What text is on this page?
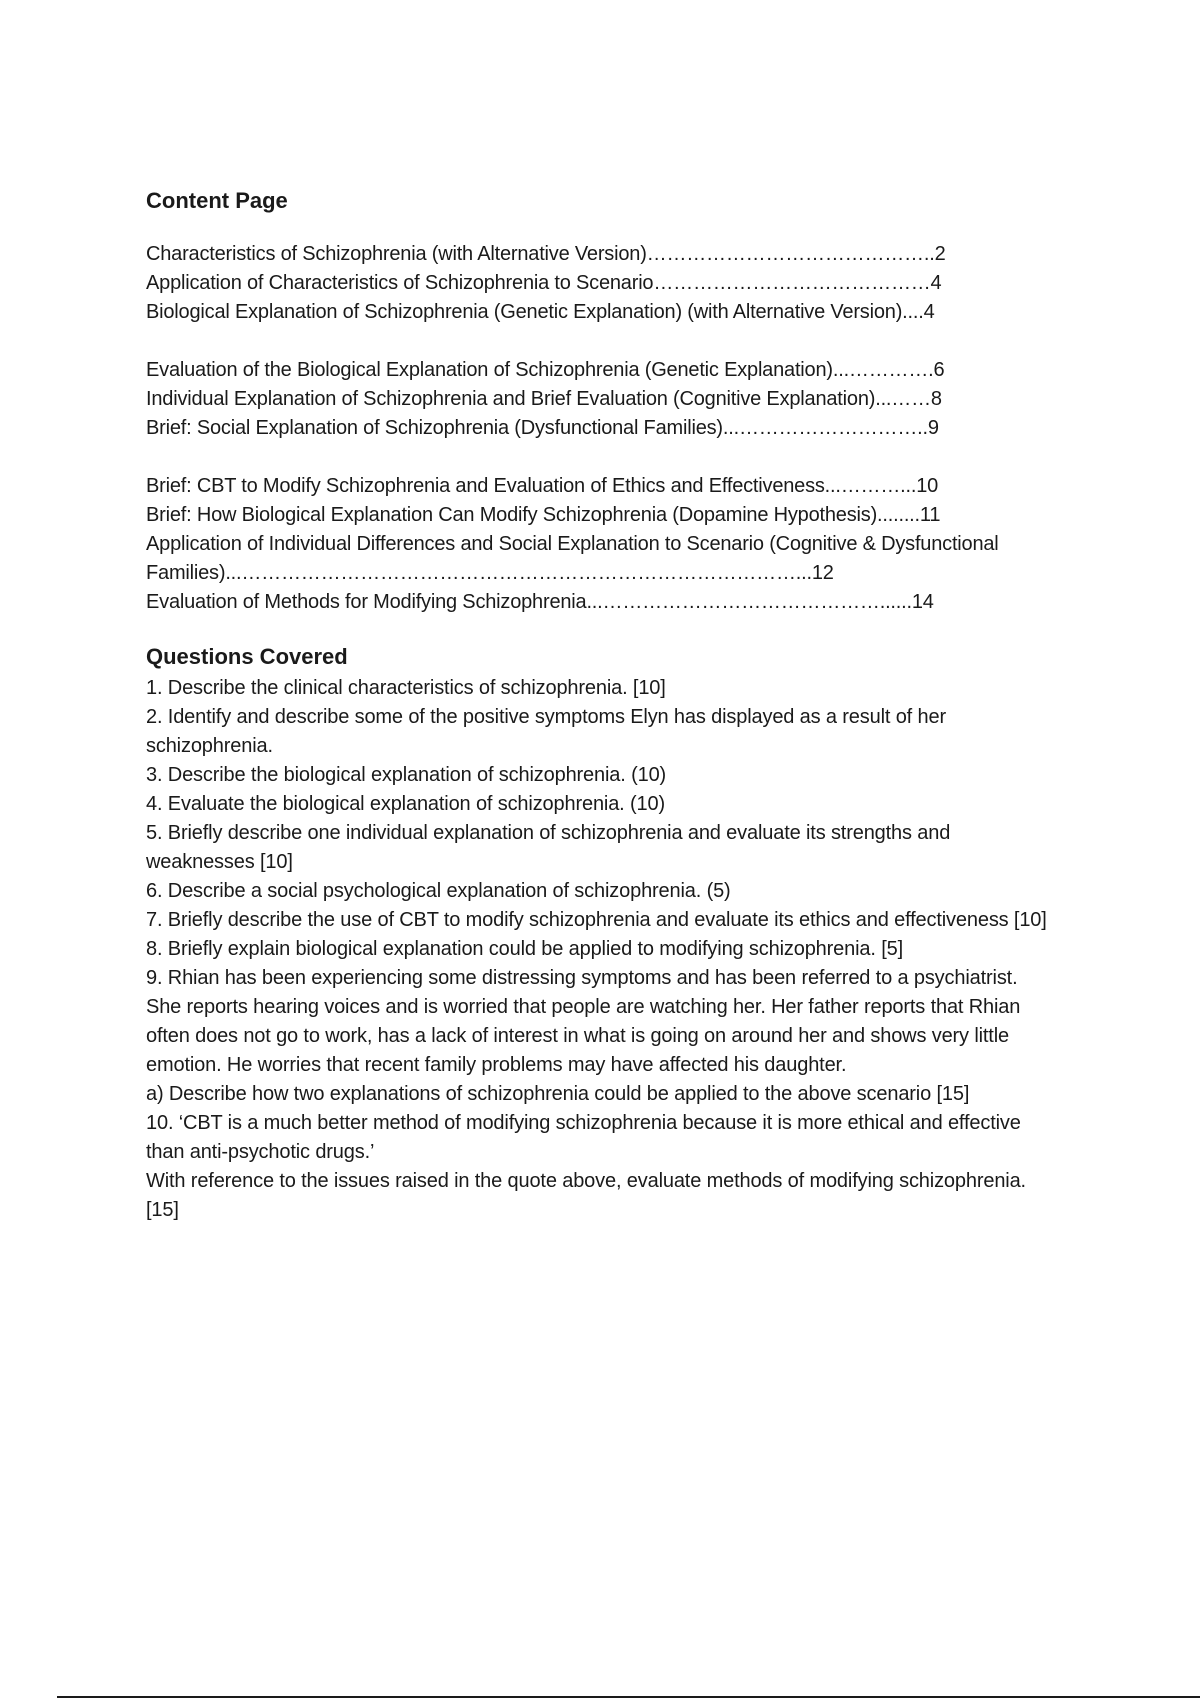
Content Page
Characteristics of Schizophrenia (with Alternative Version)……………………………………..2
Application of Characteristics of Schizophrenia to Scenario……………………………………4
Biological Explanation of Schizophrenia (Genetic Explanation) (with Alternative Version)....4
Evaluation of the Biological Explanation of Schizophrenia (Genetic Explanation)...………….6
Individual Explanation of Schizophrenia and Brief Evaluation (Cognitive Explanation)...……8
Brief: Social Explanation of Schizophrenia (Dysfunctional Families)...………………………..9
Brief: CBT to Modify Schizophrenia and Evaluation of Ethics and Effectiveness...………...10
Brief: How Biological Explanation Can Modify Schizophrenia (Dopamine Hypothesis)........11
Application of Individual Differences and Social Explanation to Scenario (Cognitive & Dysfunctional Families)...…………………………………………………………………………...12
Evaluation of Methods for Modifying Schizophrenia...……………………………………......14
Questions Covered

1. Describe the clinical characteristics of schizophrenia. [10]

2. Identify and describe some of the positive symptoms Elyn has displayed as a result of her schizophrenia.

3. Describe the biological explanation of schizophrenia. (10)

4. Evaluate the biological explanation of schizophrenia. (10)

5. Briefly describe one individual explanation of schizophrenia and evaluate its strengths and weaknesses [10]

6. Describe a social psychological explanation of schizophrenia. (5)

7. Briefly describe the use of CBT to modify schizophrenia and evaluate its ethics and effectiveness [10]

8. Briefly explain biological explanation could be applied to modifying schizophrenia. [5]

9. Rhian has been experiencing some distressing symptoms and has been referred to a psychiatrist. She reports hearing voices and is worried that people are watching her. Her father reports that Rhian often does not go to work, has a lack of interest in what is going on around her and shows very little emotion. He worries that recent family problems may have affected his daughter.

a) Describe how two explanations of schizophrenia could be applied to the above scenario [15]

10. ‘CBT is a much better method of modifying schizophrenia because it is more ethical and effective than anti-psychotic drugs.’

With reference to the issues raised in the quote above, evaluate methods of modifying schizophrenia. [15]
